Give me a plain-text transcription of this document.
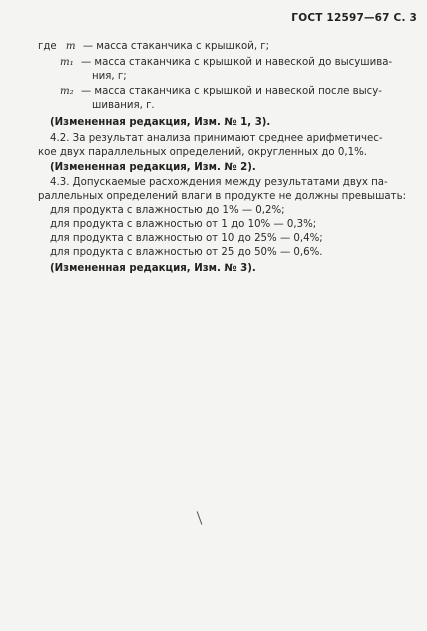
ГОСТ 12597—67 С. 3
где m — масса стаканчика с крышкой, г;
m₁ — масса стаканчика с крышкой и навеской до высушива-
ния, г;
m₂ — масса стаканчика с крышкой и навеской после высу-
шивания, г.
(Измененная редакция, Изм. № 1, 3).
4.2. За результат анализа принимают среднее арифметичес-
кое двух параллельных определений, округленных до 0,1%.
(Измененная редакция, Изм. № 2).
4.3. Допускаемые расхождения между результатами двух па-
раллельных определений влаги в продукте не должны превышать:
для продукта с влажностью до 1% — 0,2%;
для продукта с влажностью от 1 до 10% — 0,3%;
для продукта с влажностью от 10 до 25% — 0,4%;
для продукта с влажностью от 25 до 50% — 0,6%.
(Измененная редакция, Изм. № 3).
